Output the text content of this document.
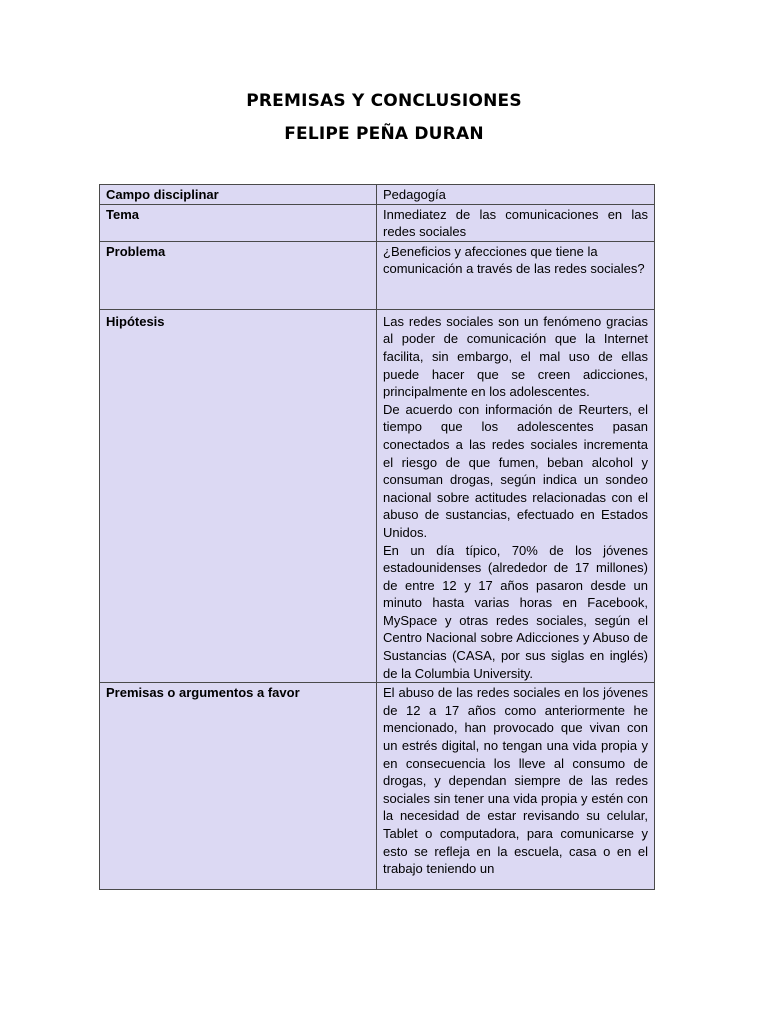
PREMISAS Y CONCLUSIONES
FELIPE PEÑA DURAN
Campo disciplinar	Pedagogía

Tema	Inmediatez de las comunicaciones en las redes sociales

Problema	¿Beneficios y afecciones que tiene la comunicación a través de las redes sociales?

Hipótesis	Las redes sociales son un fenómeno gracias al poder de comunicación que la Internet facilita, sin embargo, el mal uso de ellas puede hacer que se creen adicciones, principalmente en los adolescentes.

De acuerdo con información de Reurters, el tiempo que los adolescentes pasan conectados a las redes sociales incrementa el riesgo de que fumen, beban alcohol y consuman drogas, según indica un sondeo nacional sobre actitudes relacionadas con el abuso de sustancias, efectuado en Estados Unidos.

En un día típico, 70% de los jóvenes estadounidenses (alrededor de 17 millones) de entre 12 y 17 años pasaron desde un minuto hasta varias horas en Facebook, MySpace y otras redes sociales, según el Centro Nacional sobre Adicciones y Abuso de Sustancias (CASA, por sus siglas en inglés) de la Columbia University.

Premisas o argumentos a favor	El abuso de las redes sociales en los jóvenes de 12 a 17 años como anteriormente he mencionado, han provocado que vivan con un estrés digital, no tengan una vida propia y en consecuencia los lleve al consumo de drogas, y dependan siempre de las redes sociales sin tener una vida propia y estén con la necesidad de estar revisando su celular, Tablet o computadora, para comunicarse y esto se refleja en la escuela, casa o en el trabajo teniendo un
